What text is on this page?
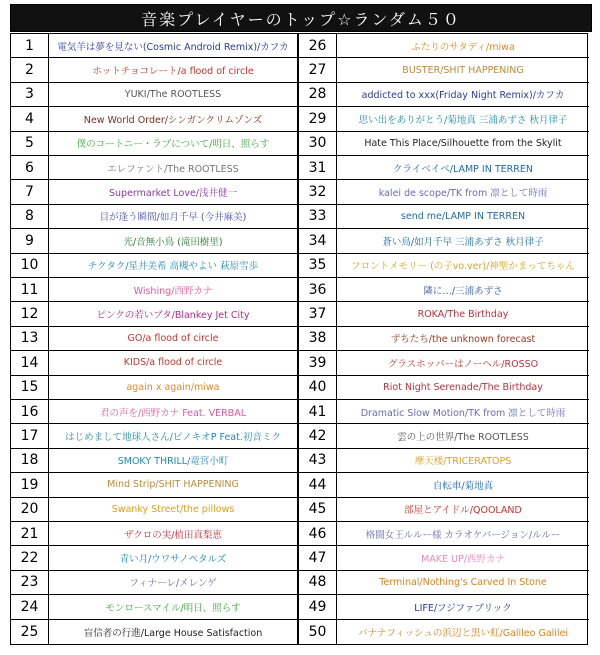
音楽プレイヤーのトップ☆ランダム５０
1
2
3
4
5
6
7
8
9
10
11
12
13
14
15
16
17
18
19
20
21
22
23
24
25
電気羊は夢を見ない(Cosmic Android Remix)/カフカ
ホットチョコレート/a flood of circle
YUKI/The ROOTLESS
New World Order/シンガンクリムゾンズ
僕のコートニー・ラブについて/明日、照らす
エレファント/The ROOTLESS
Supermarket Love/浅井健一
目が逢う瞬間/如月千早 (今井麻美)
光/音無小鳥 (滝田樹里)
チクタク/星井美希 高槻やよい 萩原雪歩
Wishing/西野カナ
ピンクの若いブタ/Blankey Jet City
GO/a flood of circle
KIDS/a flood of circle
again x again/miwa
君の声を/西野カナ Feat. VERBAL
はじめまして地球人さん/ピノキオP Feat.初音ミク
SMOKY THRILL/竜宮小町
Mind Strip/SHIT HAPPENING
Swanky Street/the pillows
ザクロの実/植田真梨恵
青い月/ウワサノペタルズ
フィナーレ/メレンゲ
モンロースマイル/明日、照らす
盲信者の行進/Large House Satisfaction
26
27
28
29
30
31
32
33
34
35
36
37
38
39
40
41
42
43
44
45
46
47
48
49
50
ふたりのサタディ/miwa
BUSTER/SHIT HAPPENING
addicted to xxx(Friday Night Remix)/カフカ
思い出をありがとう/菊地真 三浦あずさ 秋月律子
Hate This Place/Silhouette from the Skylit
クライベイベ/LAMP IN TERREN
kalei de scope/TK from 凛として時雨
send me/LAMP IN TERREN
蒼い鳥/如月千早 三浦あずさ 秋月律子
フロントメモリー (の子vo.ver)/神聖かまってちゃん
隣に…/三浦あずさ
ROKA/The Birthday
ずちたち/the unknown forecast
グラスホッパーはノーヘル/ROSSO
Riot Night Serenade/The Birthday
Dramatic Slow Motion/TK from 凛として時雨
雲の上の世界/The ROOTLESS
摩天楼/TRICERATOPS
自転車/菊地真
部屋とアイドル/QOOLAND
格闘女王ルルー様 カラオケバージョン/ルルー
MAKE UP/西野カナ
Terminal/Nothing's Carved In Stone
LIFE/フジファブリック
バナナフィッシュの浜辺と黒い虹/Galileo Galilei
